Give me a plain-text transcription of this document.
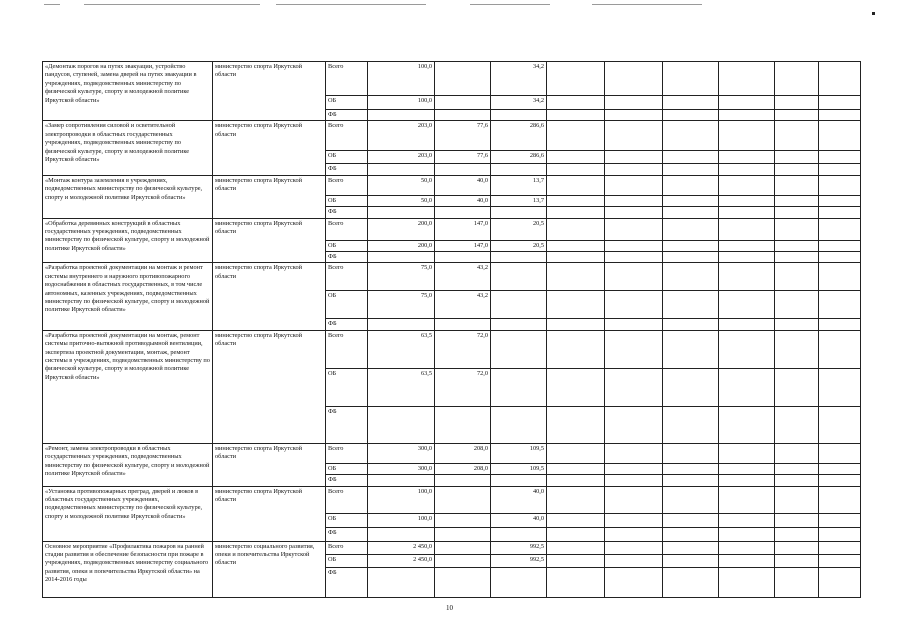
«Демонтаж порогов на путях эвакуации, устройство пандусов, ступеней, замена дверей на путях эвакуации в учреждениях, подведомственных министерству по физической культуре, спорту и молодежной политике Иркутской области»	министерство спорта Иркутской области	Всего	100,0		34,2						
		ОБ	100,0		34,2						
		ФБ									
«Замер сопротивления силовой и осветительной электропроводки в областных государственных учреждениях, подведомственных министерству по физической культуре, спорту и молодежной политике Иркутской области»	министерство спорта Иркутской области	Всего	203,0	77,6	286,6						
		ОБ	203,0	77,6	286,6						
		ФБ									
«Монтаж контура заземления в учреждениях, подведомственных министерству по физической культуре, спорту и молодежной политике Иркутской области»	министерство спорта Иркутской области	Всего	50,0	40,0	13,7						
		ОБ	50,0	40,0	13,7						
		ФБ									
«Обработка деревянных конструкций в областных государственных учреждениях, подведомственных министерству по физической культуре, спорту и молодежной политике Иркутской области»	министерство спорта Иркутской области	Всего	200,0	147,0	20,5						
		ОБ	200,0	147,0	20,5						
		ФБ									
«Разработка проектной документации на монтаж и ремонт системы внутреннего и наружного противопожарного водоснабжения в областных государственных, в том числе автономных, казенных учреждениях, подведомственных министерству по физической культуре, спорту и молодежной политике Иркутской области»	министерство спорта Иркутской области	Всего	75,0	43,2							
		ОБ	75,0	43,2							
		ФБ									
«Разработка проектной документации на монтаж, ремонт системы приточно-вытяжной противодымной вентиляции, экспертиза проектной документации, монтаж, ремонт системы в учреждениях, подведомственных министерству по физической культуре, спорту и молодежной политике Иркутской области»	министерство спорта Иркутской области	Всего	63,5	72,0							
		ОБ	63,5	72,0							
		ФБ									
«Ремонт, замена электропроводки в областных государственных учреждениях, подведомственных министерству по физической культуре, спорту и молодежной политике Иркутской области»	министерство спорта Иркутской области	Всего	300,0	208,0	109,5						
		ОБ	300,0	208,0	109,5						
		ФБ									
«Установка противопожарных преград, дверей и люков в областных государственных учреждениях, подведомственных министерству по физической культуре, спорту и молодежной политике Иркутской области»	министерство спорта Иркутской области	Всего	100,0		40,0						
		ОБ	100,0		40,0						
		ФБ									
Основное мероприятие «Профилактика пожаров на ранней стадии развития и обеспечение безопасности при пожаре в учреждениях, подведомственных министерству социального развития, опеки и попечительства Иркутской области» на 2014-2016 годы	министерство социального развития, опеки и попечительства Иркутской области	Всего	2 450,0		992,5						
		ОБ	2 450,0		992,5						
		ФБ									
10
